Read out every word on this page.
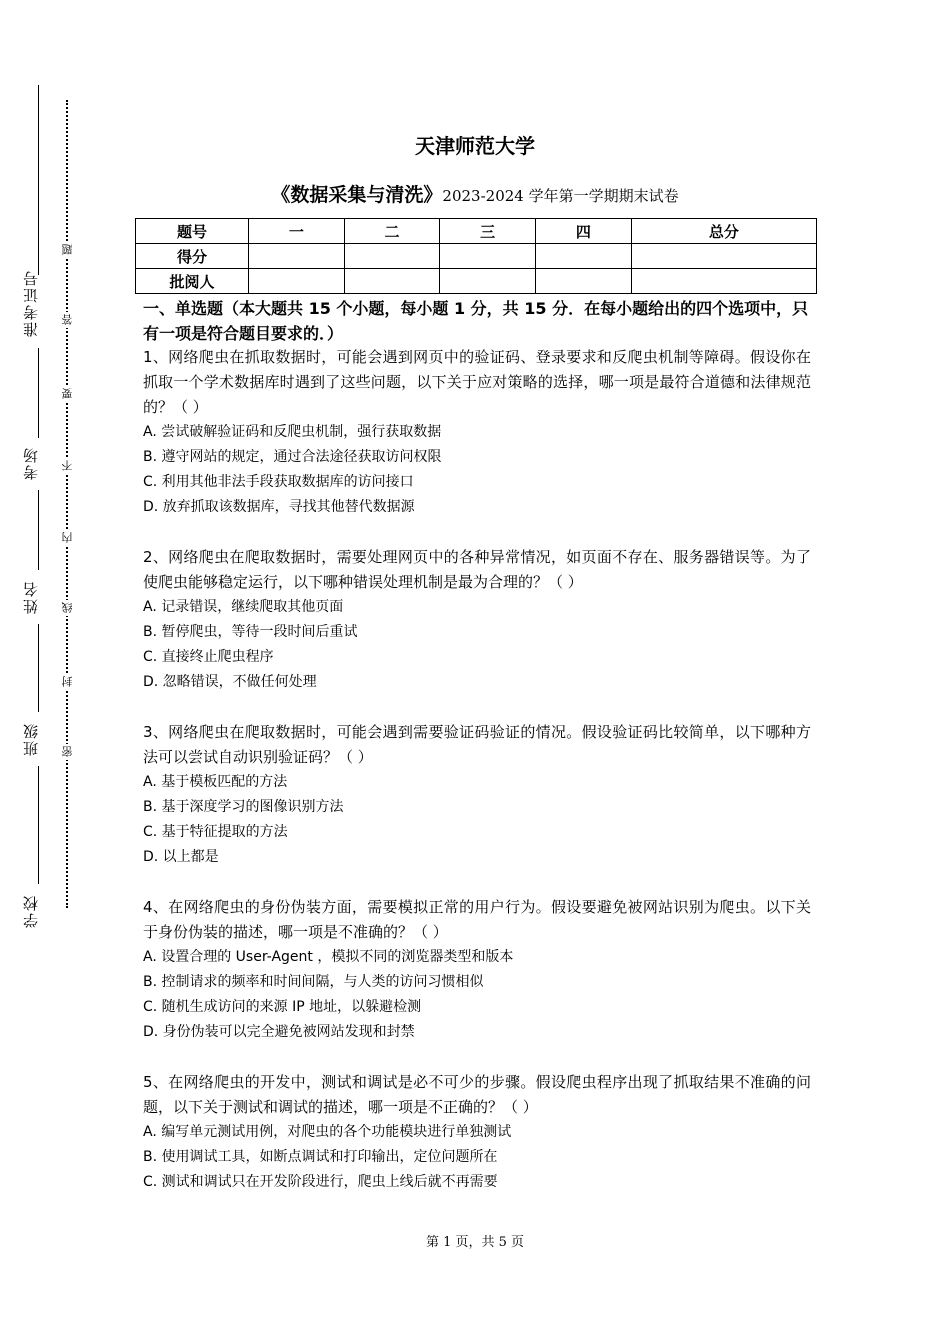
准考证号
考场
姓名
班级
学校
题
答
要
不
内
线
封
密
天津师范大学
《数据采集与清洗》2023-2024 学年第一学期期末试卷
题号	一	二	三	四	总分
得分					
批阅人					
一、单选题（本大题共 15 个小题，每小题 1 分，共 15 分．在每小题给出的四个选项中，只有一项是符合题目要求的．）
1、网络爬虫在抓取数据时，可能会遇到网页中的验证码、登录要求和反爬虫机制等障碍。假设你在抓取一个学术数据库时遇到了这些问题，以下关于应对策略的选择，哪一项是最符合道德和法律规范的？（ ）
A. 尝试破解验证码和反爬虫机制，强行获取数据
B. 遵守网站的规定，通过合法途径获取访问权限
C. 利用其他非法手段获取数据库的访问接口
D. 放弃抓取该数据库，寻找其他替代数据源
2、网络爬虫在爬取数据时，需要处理网页中的各种异常情况，如页面不存在、服务器错误等。为了使爬虫能够稳定运行，以下哪种错误处理机制是最为合理的？（ ）
A. 记录错误，继续爬取其他页面
B. 暂停爬虫，等待一段时间后重试
C. 直接终止爬虫程序
D. 忽略错误，不做任何处理
3、网络爬虫在爬取数据时，可能会遇到需要验证码验证的情况。假设验证码比较简单，以下哪种方法可以尝试自动识别验证码？（ ）
A. 基于模板匹配的方法
B. 基于深度学习的图像识别方法
C. 基于特征提取的方法
D. 以上都是
4、在网络爬虫的身份伪装方面，需要模拟正常的用户行为。假设要避免被网站识别为爬虫。以下关于身份伪装的描述，哪一项是不准确的？（ ）
A. 设置合理的 User-Agent ，模拟不同的浏览器类型和版本
B. 控制请求的频率和时间间隔，与人类的访问习惯相似
C. 随机生成访问的来源 IP 地址，以躲避检测
D. 身份伪装可以完全避免被网站发现和封禁
5、在网络爬虫的开发中，测试和调试是必不可少的步骤。假设爬虫程序出现了抓取结果不准确的问题，以下关于测试和调试的描述，哪一项是不正确的？（ ）
A. 编写单元测试用例，对爬虫的各个功能模块进行单独测试
B. 使用调试工具，如断点调试和打印输出，定位问题所在
C. 测试和调试只在开发阶段进行，爬虫上线后就不再需要
第 1 页，共 5 页
